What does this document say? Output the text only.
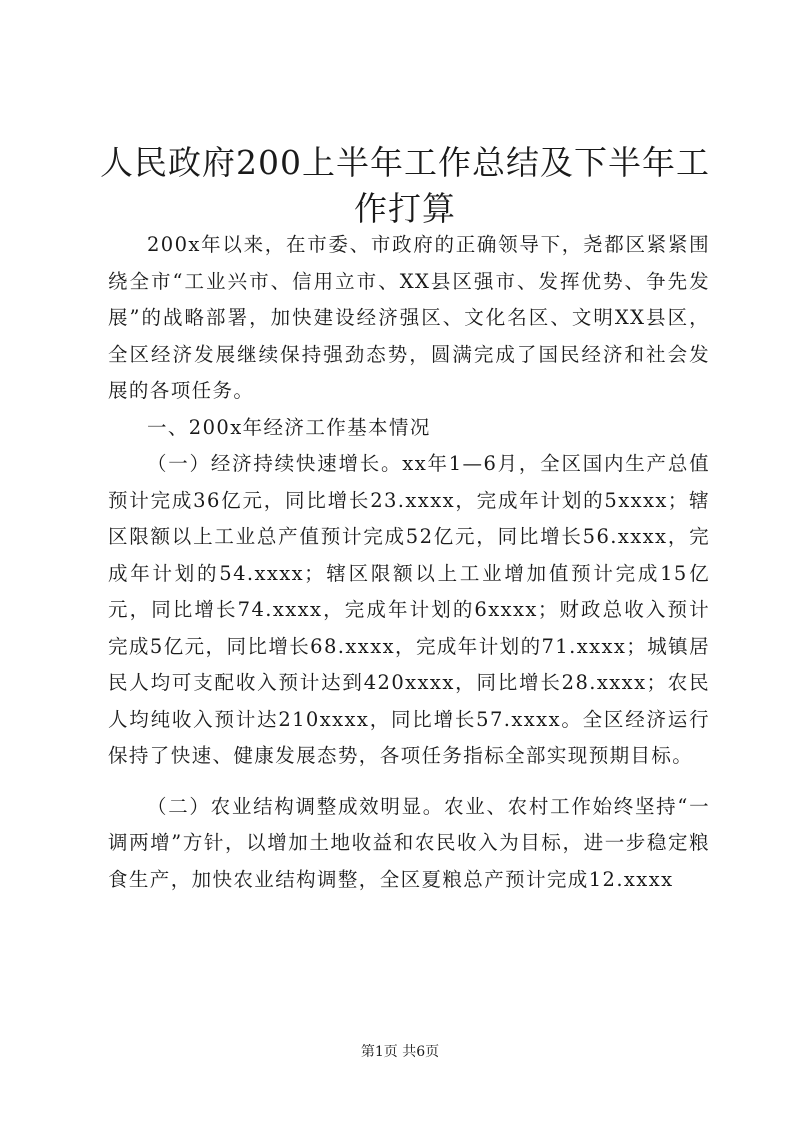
人民政府200上半年工作总结及下半年工作打算

200x年以来，在市委、市政府的正确领导下，尧都区紧紧围绕全市“工业兴市、信用立市、XX县区强市、发挥优势、争先发展”的战略部署，加快建设经济强区、文化名区、文明XX县区，全区经济发展继续保持强劲态势，圆满完成了国民经济和社会发展的各项任务。

一、200x年经济工作基本情况

（一）经济持续快速增长。xx年1—6月，全区国内生产总值预计完成36亿元，同比增长23.xxxx，完成年计划的5xxxx；辖区限额以上工业总产值预计完成52亿元，同比增长56.xxxx，完成年计划的54.xxxx；辖区限额以上工业增加值预计完成15亿元，同比增长74.xxxx，完成年计划的6xxxx；财政总收入预计完成5亿元，同比增长68.xxxx，完成年计划的71.xxxx；城镇居民人均可支配收入预计达到420xxxx，同比增长28.xxxx；农民人均纯收入预计达210xxxx，同比增长57.xxxx。全区经济运行保持了快速、健康发展态势，各项任务指标全部实现预期目标。

（二）农业结构调整成效明显。农业、农村工作始终坚持“一调两增”方针，以增加土地收益和农民收入为目标，进一步稳定粮食生产，加快农业结构调整，全区夏粮总产预计完成12.xxxx

第1页 共6页
